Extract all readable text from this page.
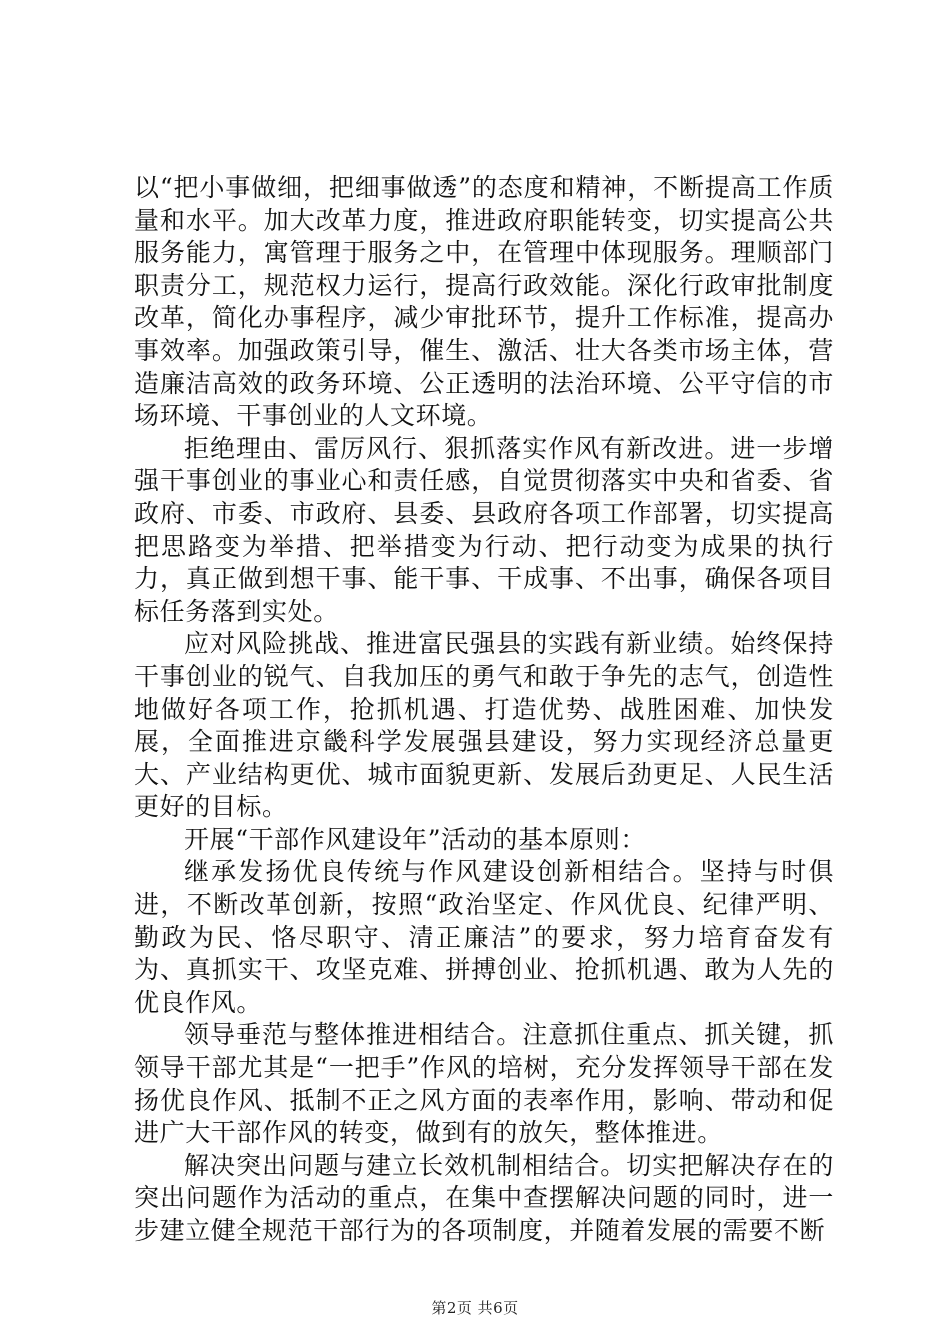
以“把小事做细，把细事做透”的态度和精神，不断提高工作质量和水平。加大改革力度，推进政府职能转变，切实提高公共服务能力，寓管理于服务之中，在管理中体现服务。理顺部门职责分工，规范权力运行，提高行政效能。深化行政审批制度改革，简化办事程序，减少审批环节，提升工作标准，提高办事效率。加强政策引导，催生、激活、壮大各类市场主体，营造廉洁高效的政务环境、公正透明的法治环境、公平守信的市场环境、干事创业的人文环境。

拒绝理由、雷厉风行、狠抓落实作风有新改进。进一步增强干事创业的事业心和责任感，自觉贯彻落实中央和省委、省政府、市委、市政府、县委、县政府各项工作部署，切实提高把思路变为举措、把举措变为行动、把行动变为成果的执行力，真正做到想干事、能干事、干成事、不出事，确保各项目标任务落到实处。

应对风险挑战、推进富民强县的实践有新业绩。始终保持干事创业的锐气、自我加压的勇气和敢于争先的志气，创造性地做好各项工作，抢抓机遇、打造优势、战胜困难、加快发展，全面推进京畿科学发展强县建设，努力实现经济总量更大、产业结构更优、城市面貌更新、发展后劲更足、人民生活更好的目标。

开展“干部作风建设年”活动的基本原则：

继承发扬优良传统与作风建设创新相结合。坚持与时俱进，不断改革创新，按照“政治坚定、作风优良、纪律严明、勤政为民、恪尽职守、清正廉洁”的要求，努力培育奋发有为、真抓实干、攻坚克难、拼搏创业、抢抓机遇、敢为人先的优良作风。

领导垂范与整体推进相结合。注意抓住重点、抓关键，抓领导干部尤其是“一把手”作风的培树，充分发挥领导干部在发扬优良作风、抵制不正之风方面的表率作用，影响、带动和促进广大干部作风的转变，做到有的放矢，整体推进。

解决突出问题与建立长效机制相结合。切实把解决存在的突出问题作为活动的重点，在集中查摆解决问题的同时，进一步建立健全规范干部行为的各项制度，并随着发展的需要不断

第2页 共6页
